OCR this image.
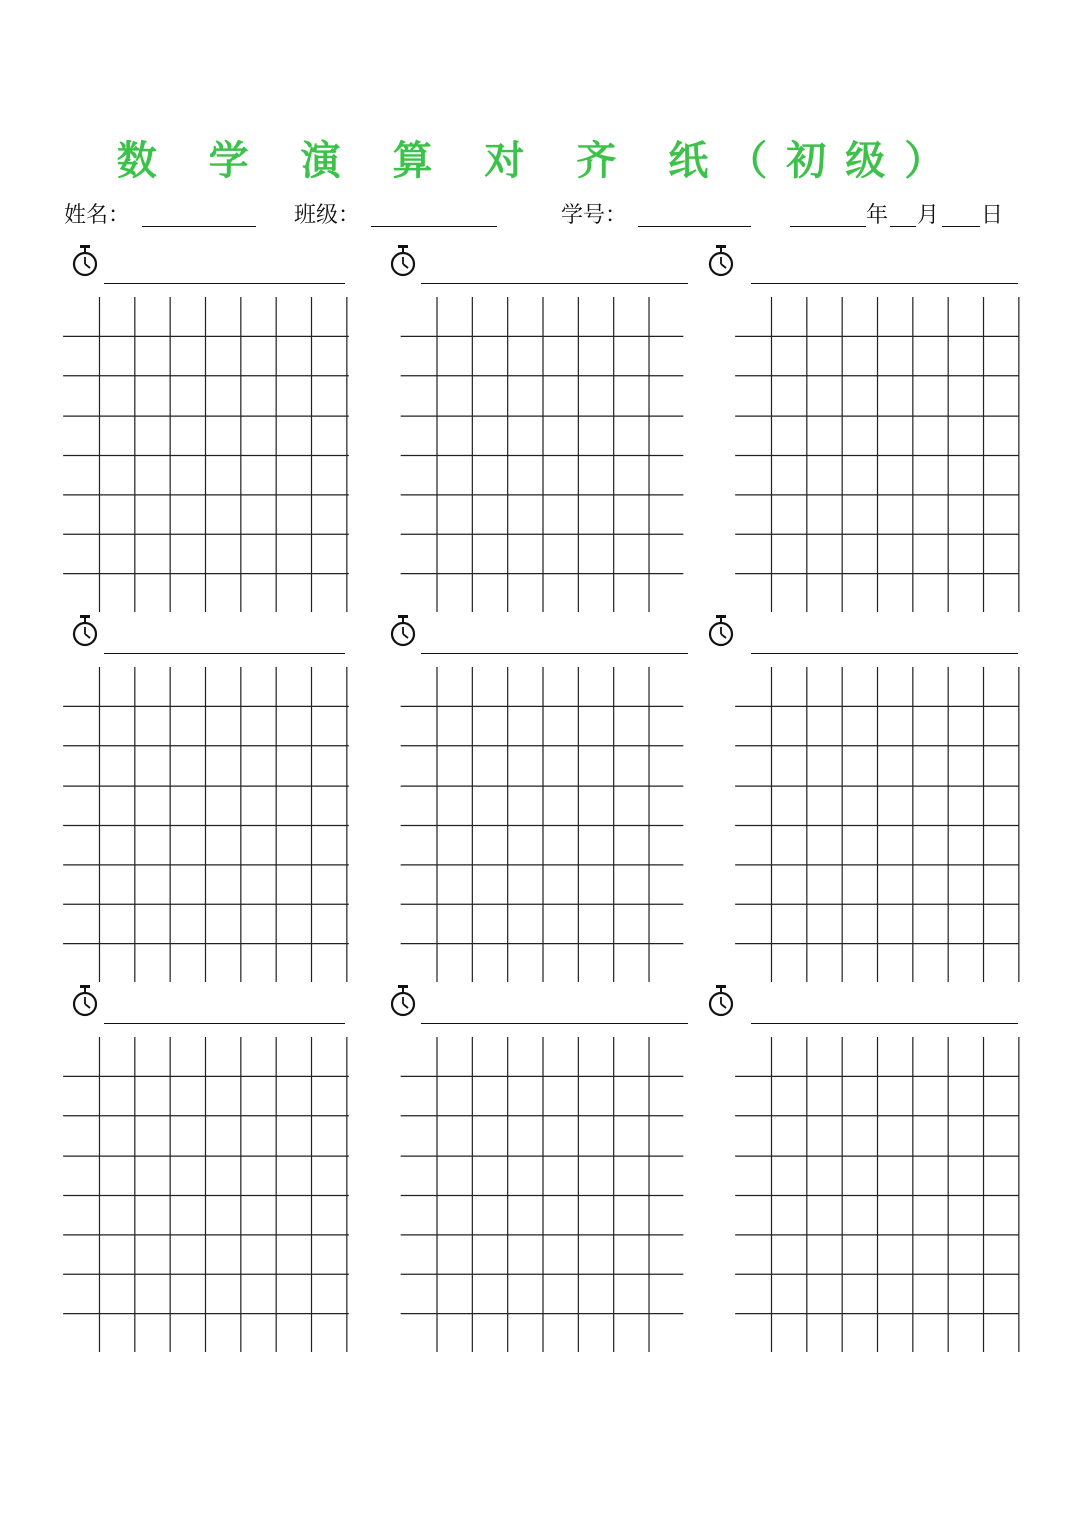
数 学 演 算 对 齐 纸（初级）
姓名：	班级：	学号：	年 月 日
